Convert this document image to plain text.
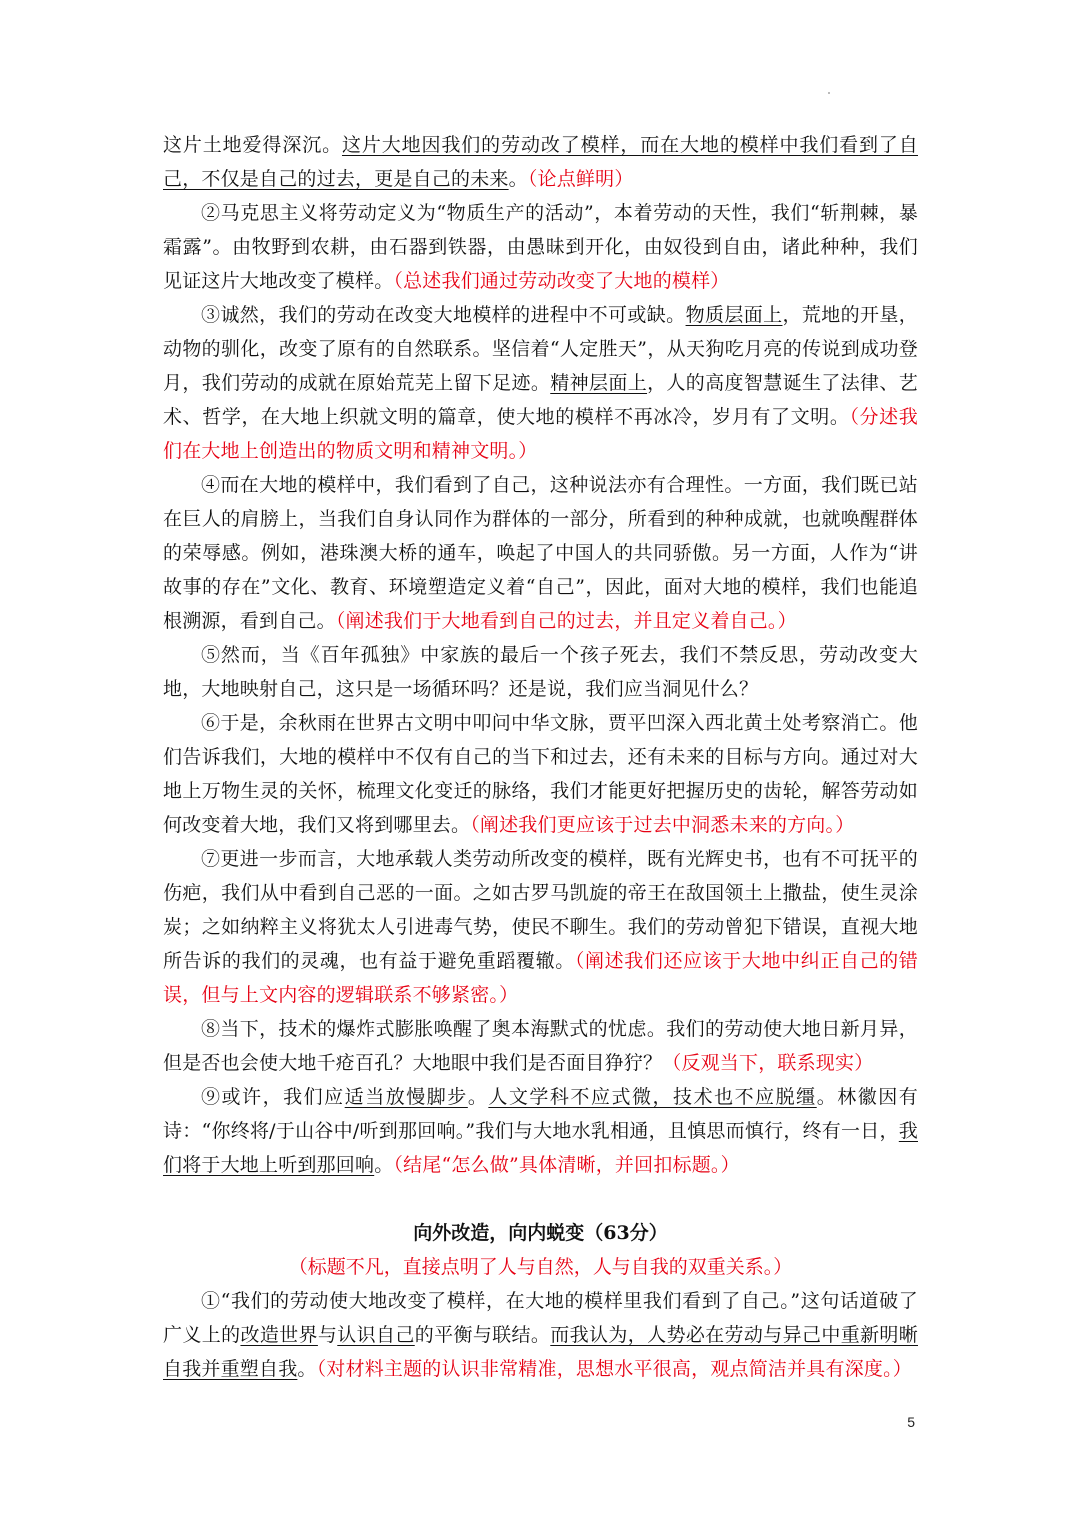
这片土地爱得深沉。这片大地因我们的劳动改了模样，而在大地的模样中我们看到了自己，不仅是自己的过去，更是自己的未来。（论点鲜明）

②马克思主义将劳动定义为“物质生产的活动”，本着劳动的天性，我们“斩荆棘，暴霜露”。由牧野到农耕，由石器到铁器，由愚昧到开化，由奴役到自由，诸此种种，我们见证这片大地改变了模样。（总述我们通过劳动改变了大地的模样）

③诚然，我们的劳动在改变大地模样的进程中不可或缺。物质层面上，荒地的开垦，动物的驯化，改变了原有的自然联系。坚信着“人定胜天”，从天狗吃月亮的传说到成功登月，我们劳动的成就在原始荒芜上留下足迹。精神层面上，人的高度智慧诞生了法律、艺术、哲学，在大地上织就文明的篇章，使大地的模样不再冰冷，岁月有了文明。（分述我们在大地上创造出的物质文明和精神文明。）

④而在大地的模样中，我们看到了自己，这种说法亦有合理性。一方面，我们既已站在巨人的肩膀上，当我们自身认同作为群体的一部分，所看到的种种成就，也就唤醒群体的荣辱感。例如，港珠澳大桥的通车，唤起了中国人的共同骄傲。另一方面，人作为“讲故事的存在”文化、教育、环境塑造定义着“自己”，因此，面对大地的模样，我们也能追根溯源，看到自己。（阐述我们于大地看到自己的过去，并且定义着自己。）

⑤然而，当《百年孤独》中家族的最后一个孩子死去，我们不禁反思，劳动改变大地，大地映射自己，这只是一场循环吗？还是说，我们应当洞见什么？

⑥于是，余秋雨在世界古文明中叩问中华文脉，贾平凹深入西北黄土处考察消亡。他们告诉我们，大地的模样中不仅有自己的当下和过去，还有未来的目标与方向。通过对大地上万物生灵的关怀，梳理文化变迁的脉络，我们才能更好把握历史的齿轮，解答劳动如何改变着大地，我们又将到哪里去。（阐述我们更应该于过去中洞悉未来的方向。）

⑦更进一步而言，大地承载人类劳动所改变的模样，既有光辉史书，也有不可抚平的伤疤，我们从中看到自己恶的一面。之如古罗马凯旋的帝王在敌国领土上撒盐，使生灵涂炭；之如纳粹主义将犹太人引进毒气势，使民不聊生。我们的劳动曾犯下错误，直视大地所告诉的我们的灵魂，也有益于避免重蹈覆辙。（阐述我们还应该于大地中纠正自己的错误，但与上文内容的逻辑联系不够紧密。）

⑧当下，技术的爆炸式膨胀唤醒了奥本海默式的忧虑。我们的劳动使大地日新月异，但是否也会使大地千疮百孔？大地眼中我们是否面目狰狞？（反观当下，联系现实）

⑨或许，我们应适当放慢脚步。人文学科不应式微，技术也不应脱缰。林徽因有诗：“你终将/于山谷中/听到那回响。”我们与大地水乳相通，且慎思而慎行，终有一日，我们将于大地上听到那回响。（结尾“怎么做”具体清晰，并回扣标题。）

向外改造，向内蜕变（63分）

（标题不凡，直接点明了人与自然，人与自我的双重关系。）

①“我们的劳动使大地改变了模样，在大地的模样里我们看到了自己。”这句话道破了广义上的改造世界与认识自己的平衡与联结。而我认为，人势必在劳动与异己中重新明晰自我并重塑自我。（对材料主题的认识非常精准，思想水平很高，观点简洁并具有深度。）

5
